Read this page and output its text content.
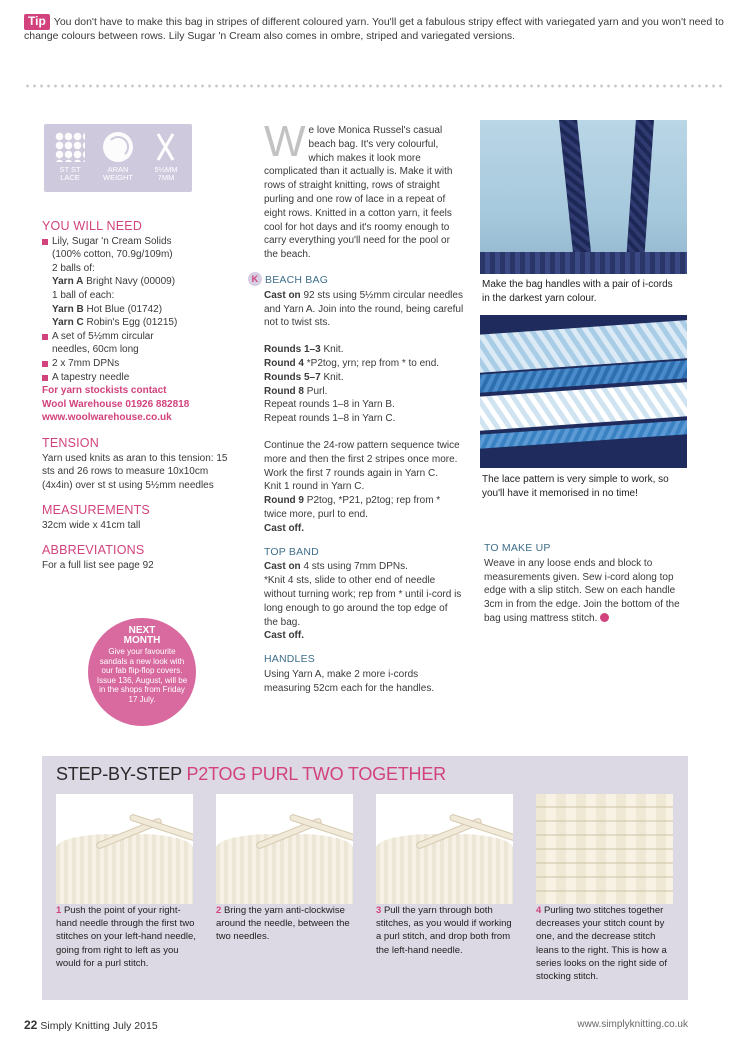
Tip You don't have to make this bag in stripes of different coloured yarn. You'll get a fabulous stripy effect with variegated yarn and you won't need to change colours between rows. Lily Sugar 'n Cream also comes in ombre, striped and variegated versions.
ST ST
LACE
ARAN
WEIGHT
5½MM
7MM
YOU WILL NEED
Lily, Sugar 'n Cream Solids
(100% cotton, 70.9g/109m)
2 balls of:
Yarn A Bright Navy (00009)
1 ball of each:
Yarn B Hot Blue (01742)
Yarn C Robin's Egg (01215)
A set of 5½mm circular
needles, 60cm long
2 x 7mm DPNs
A tapestry needle
For yarn stockists contact
Wool Warehouse 01926 882818
www.woolwarehouse.co.uk
TENSION
Yarn used knits as aran to this tension: 15 sts and 26 rows to measure 10x10cm (4x4in) over st st using 5½mm needles
MEASUREMENTS
32cm wide x 41cm tall
ABBREVIATIONS
For a full list see page 92
NEXT
MONTH
Give your favourite sandals a new look with our fab flip-flop covers. Issue 136, August, will be in the shops from Friday 17 July.
We love Monica Russel's casual beach bag. It's very colourful, which makes it look more complicated than it actually is. Make it with rows of straight knitting, rows of straight purling and one row of lace in a repeat of eight rows. Knitted in a cotton yarn, it feels cool for hot days and it's roomy enough to carry everything you'll need for the pool or the beach.
K BEACH BAG
Cast on 92 sts using 5½mm circular needles and Yarn A. Join into the round, being careful not to twist sts.
Rounds 1–3 Knit.
Round 4 *P2tog, yrn; rep from * to end.
Rounds 5–7 Knit.
Round 8 Purl.
Repeat rounds 1–8 in Yarn B.
Repeat rounds 1–8 in Yarn C.
Continue the 24-row pattern sequence twice more and then the first 2 stripes once more.
Work the first 7 rounds again in Yarn C.
Knit 1 round in Yarn C.
Round 9 P2tog, *P21, p2tog; rep from * twice more, purl to end.
Cast off.
TOP BAND
Cast on 4 sts using 7mm DPNs.
*Knit 4 sts, slide to other end of needle without turning work; rep from * until i-cord is long enough to go around the top edge of the bag.
Cast off.
HANDLES
Using Yarn A, make 2 more i-cords measuring 52cm each for the handles.
Make the bag handles with a pair of i-cords in the darkest yarn colour.
The lace pattern is very simple to work, so you'll have it memorised in no time!
TO MAKE UP
Weave in any loose ends and block to measurements given. Sew i-cord along top edge with a slip stitch. Sew on each handle 3cm in from the edge. Join the bottom of the bag using mattress stitch.
STEP-BY-STEP P2TOG PURL TWO TOGETHER
1 Push the point of your right-hand needle through the first two stitches on your left-hand needle, going from right to left as you would for a purl stitch.
2 Bring the yarn anti-clockwise around the needle, between the two needles.
3 Pull the yarn through both stitches, as you would if working a purl stitch, and drop both from the left-hand needle.
4 Purling two stitches together decreases your stitch count by one, and the decrease stitch leans to the right. This is how a series looks on the right side of stocking stitch.
22 Simply Knitting July 2015	www.simplyknitting.co.uk
